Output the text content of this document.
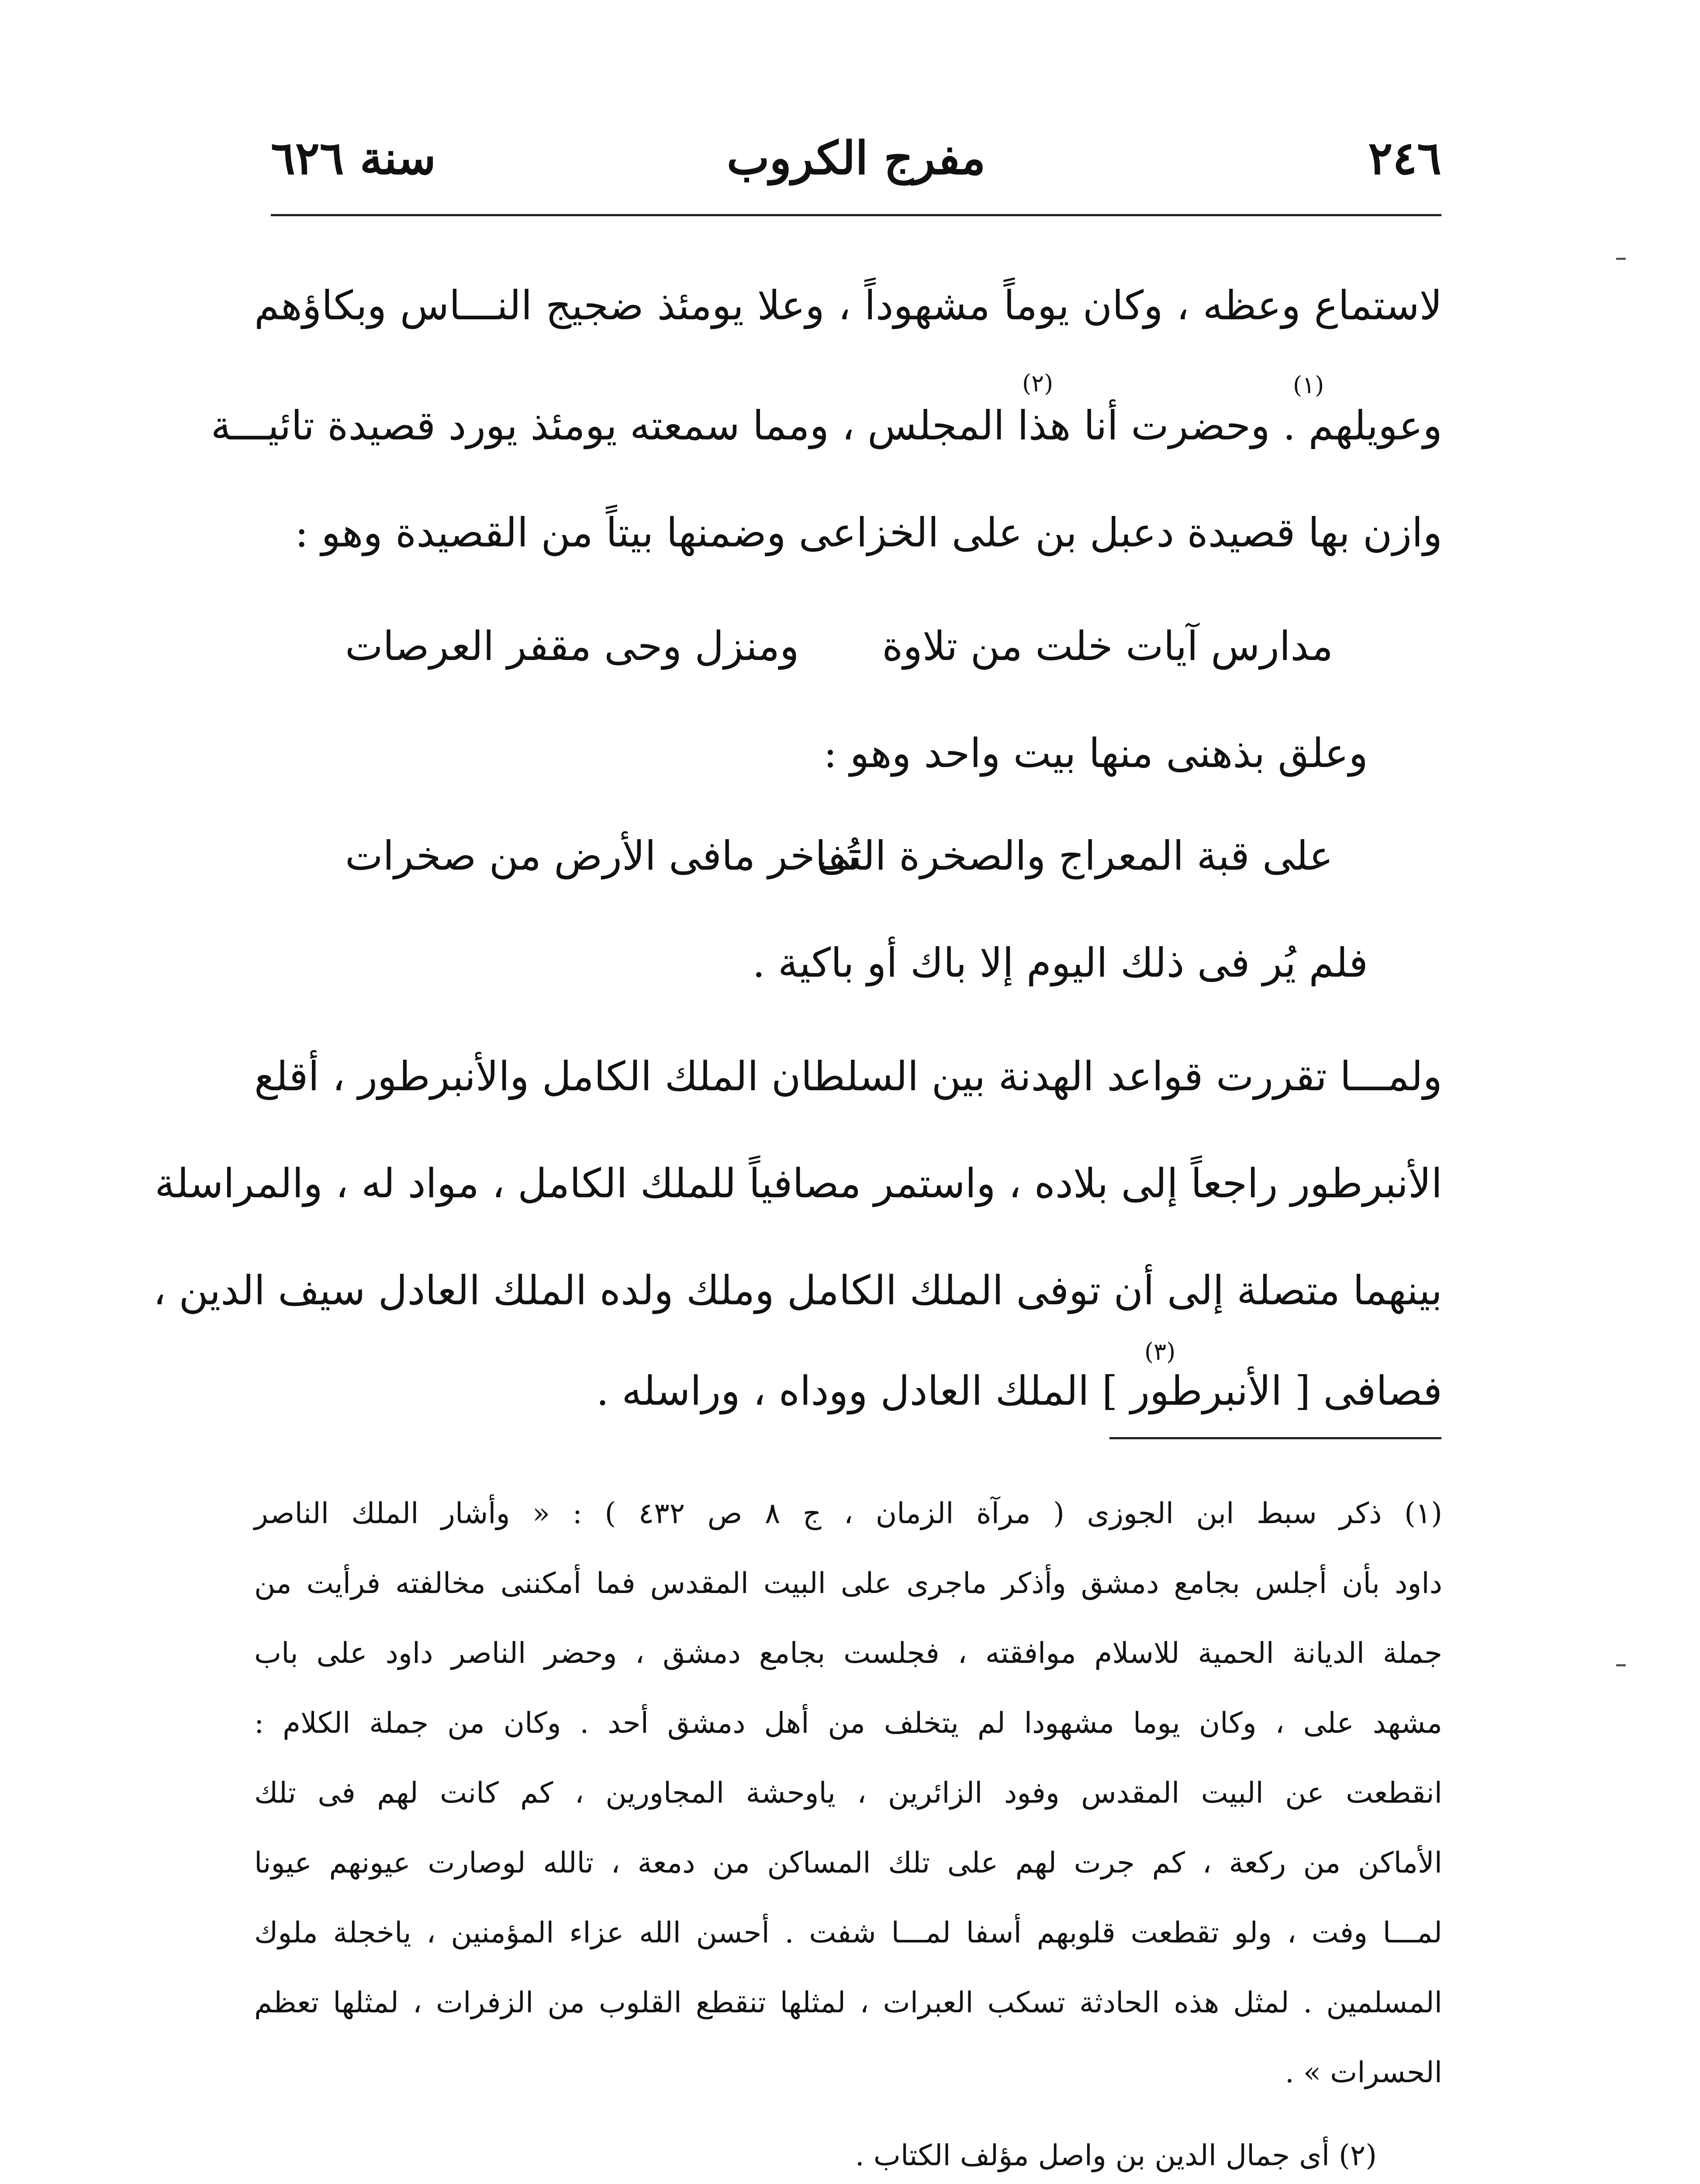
٢٤٦
مفرج الكروب
سنة ٦٢٦
لاستماع وعظه ، وكان يوماً مشهوداً ، وعلا يومئذ ضجيج النـــاس وبكاؤهم
(١)
(٢)
وعويلهم . وحضرت أنا هذا المجلس ، ومما سمعته يومئذ يورد قصيدة تائيـــة
وازن بها قصيدة دعبل بن على الخزاعى وضمنها بيتاً من القصيدة وهو :
مدارس آيات خلت من تلاوة
ومنزل وحى مقفر العرصات
وعلق بذهنى منها بيت واحد وهو :
على قبة المعراج والصخرة التى
تُفاخر مافى الأرض من صخرات
فلم يُر فى ذلك اليوم إلا باك أو باكية .
ولمـــا تقررت قواعد الهدنة بين السلطان الملك الكامل والأنبرطور ، أقلع
الأنبرطور راجعاً إلى بلاده ، واستمر مصافياً للملك الكامل ، مواد له ، والمراسلة
بينهما متصلة إلى أن توفى الملك الكامل وملك ولده الملك العادل سيف الدين ،
(٣)
فصافى [ الأنبرطور ] الملك العادل ووداه ، وراسله .
(١) ذكر سبط ابن الجوزى ( مرآة الزمان ، ج ٨ ص ٤٣٢ ) : « وأشار الملك الناصر
داود بأن أجلس بجامع دمشق وأذكر ماجرى على البيت المقدس فما أمكننى مخالفته فرأيت من
جملة الديانة الحمية للاسلام موافقته ، فجلست بجامع دمشق ، وحضر الناصر داود على باب
مشهد على ، وكان يوما مشهودا لم يتخلف من أهل دمشق أحد . وكان من جملة الكلام :
انقطعت عن البيت المقدس وفود الزائرين ، ياوحشة المجاورين ، كم كانت لهم فى تلك
الأماكن من ركعة ، كم جرت لهم على تلك المساكن من دمعة ، تالله لوصارت عيونهم عيونا
لمـــا وفت ، ولو تقطعت قلوبهم أسفا لمـــا شفت . أحسن الله عزاء المؤمنين ، ياخجلة ملوك
المسلمين . لمثل هذه الحادثة تسكب العبرات ، لمثلها تنقطع القلوب من الزفرات ، لمثلها تعظم
الحسرات » .
(٢) أى جمال الدين بن واصل مؤلف الكتاب .
